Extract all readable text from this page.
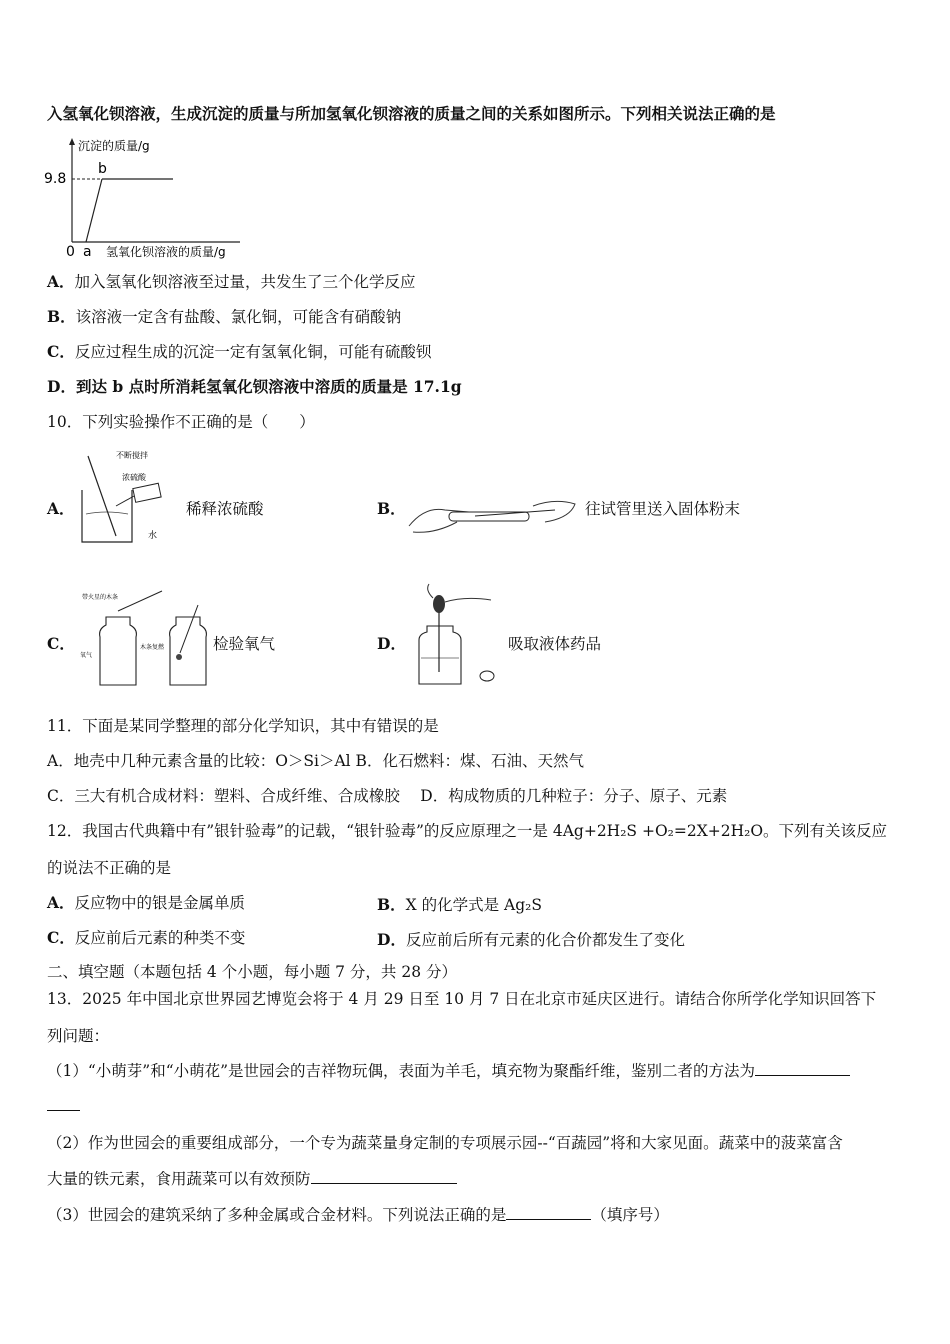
入氢氧化钡溶液，生成沉淀的质量与所加氢氧化钡溶液的质量之间的关系如图所示。下列相关说法正确的是
沉淀的质量/g
9.8
0 a
b
氢氧化钡溶液的质量/g
A．加入氢氧化钡溶液至过量，共发生了三个化学反应
B．该溶液一定含有盐酸、氯化铜，可能含有硝酸钠
C．反应过程生成的沉淀一定有氢氧化铜，可能有硫酸钡
D．到达 b 点时所消耗氢氧化钡溶液中溶质的质量是 17.1g
10．下列实验操作不正确的是（　　）
A．
不断搅拌
浓硫酸
水
稀释浓硫酸	B．	往试管里送入固体粉末
C．
带火星的木条
氧气
木条复燃	检验氧气	D．	吸取液体药品
11．下面是某同学整理的部分化学知识，其中有错误的是
A．地壳中几种元素含量的比较：O＞Si＞Al B．化石燃料：煤、石油、天然气
C．三大有机合成材料：塑料、合成纤维、合成橡胶　 D．构成物质的几种粒子：分子、原子、元素
12．我国古代典籍中有”银针验毒”的记载，“银针验毒”的反应原理之一是 4Ag+2H₂S +O₂=2X+2H₂O。下列有关该反应
的说法不正确的是
A．反应物中的银是金属单质	B．X 的化学式是 Ag₂S
C．反应前后元素的种类不变	D．反应前后所有元素的化合价都发生了变化
二、填空题（本题包括 4 个小题，每小题 7 分，共 28 分）
13．2025 年中国北京世界园艺博览会将于 4 月 29 日至 10 月 7 日在北京市延庆区进行。请结合你所学化学知识回答下
列问题：
（1）“小萌芽”和“小萌花”是世园会的吉祥物玩偶，表面为羊毛，填充物为聚酯纤维，鉴别二者的方法为
（2）作为世园会的重要组成部分，一个专为蔬菜量身定制的专项展示园--“百蔬园”将和大家见面。蔬菜中的菠菜富含
大量的铁元素，食用蔬菜可以有效预防
（3）世园会的建筑采纳了多种金属或合金材料。下列说法正确的是	（填序号）
